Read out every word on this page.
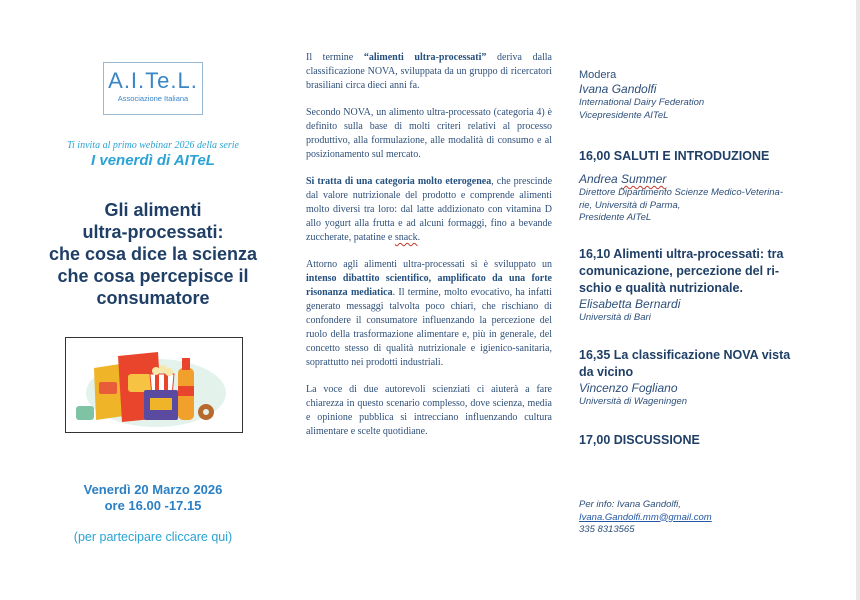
A.I.Te.L.
Associazione Italiana
Ti invita al primo webinar 2026 della serie
I venerdì di AITeL
Gli alimenti
ultra-processati:
che cosa dice la scienza
che cosa percepisce il
consumatore
Venerdì 20 Marzo 2026
ore 16.00 -17.15
(per partecipare cliccare qui)

Il termine “alimenti ultra-processati” deriva dalla classificazione NOVA, sviluppata da un gruppo di ricercatori brasiliani circa dieci anni fa.

Secondo NOVA, un alimento ultra-processato (categoria 4) è definito sulla base di molti criteri relativi al processo produttivo, alla formulazione, alle modalità di consumo e al posizionamento sul mercato.

Si tratta di una categoria molto eterogenea, che prescinde dal valore nutrizionale del prodotto e comprende alimenti molto diversi tra loro: dal latte addizionato con vitamina D allo yogurt alla frutta e ad alcuni formaggi, fino a bevande zuccherate, patatine e snack.

Attorno agli alimenti ultra-processati si è sviluppato un intenso dibattito scientifico, amplificato da una forte risonanza mediatica. Il termine, molto evocativo, ha infatti generato messaggi talvolta poco chiari, che rischiano di confondere il consumatore influenzando la percezione del ruolo della trasformazione alimentare e, più in generale, del concetto stesso di qualità nutrizionale e igienico-sanitaria, soprattutto nei prodotti industriali.

La voce di due autorevoli scienziati ci aiuterà a fare chiarezza in questo scenario complesso, dove scienza, media e opinione pubblica si intrecciano influenzando cultura alimentare e scelte quotidiane.

Modera
Ivana Gandolfi
International Dairy Federation
Vicepresidente AITeL
16,00 SALUTI E INTRODUZIONE
Andrea Summer
Direttore Dipartimento Scienze Medico-Veterina-
rie, Università di Parma,
Presidente AITeL
16,10 Alimenti ultra-processati: tra
comunicazione, percezione del ri-
schio e qualità nutrizionale.
Elisabetta Bernardi
Università di Bari
16,35 La classificazione NOVA vista
da vicino
Vincenzo Fogliano
Università di Wageningen
17,00 DISCUSSIONE
Per info: Ivana Gandolfi,
Ivana.Gandolfi.mm@gmail.com
335 8313565
